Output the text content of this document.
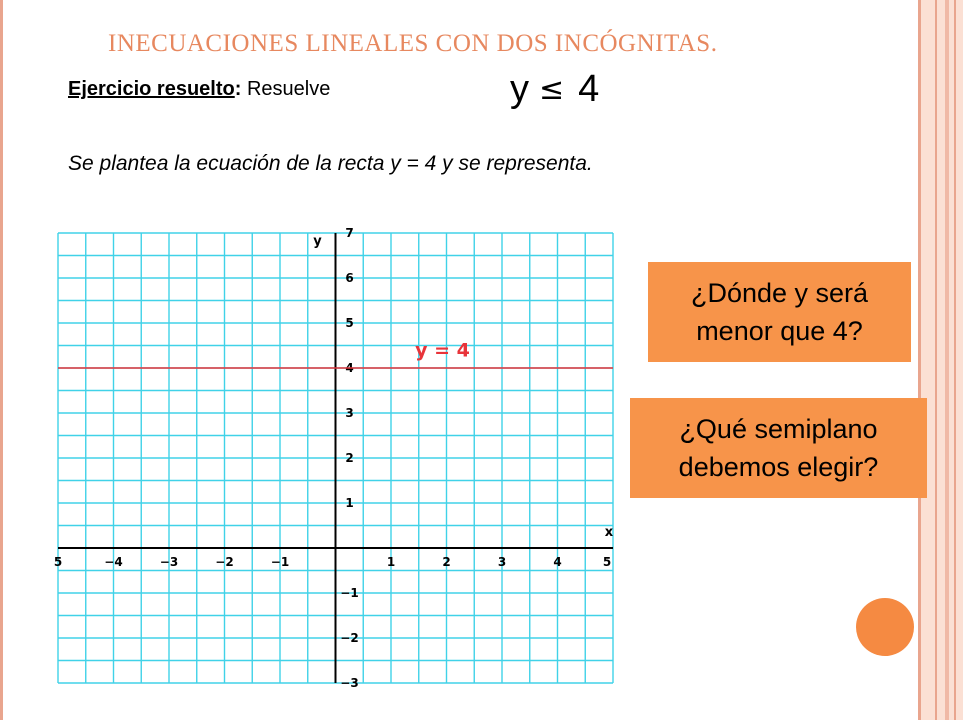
INECUACIONES LINEALES CON DOS INCÓGNITAS.
Ejercicio resuelto: Resuelve	y ≤ 4
Se plantea la ecuación de la recta y = 4 y se representa.
5	−4	−3	−2	−1	1	2	3	4	5
−3
−2
−1
1
2
3
4
5
6
7
x
y
y = 4
¿Dónde y será
menor que 4?
¿Qué semiplano
debemos elegir?
